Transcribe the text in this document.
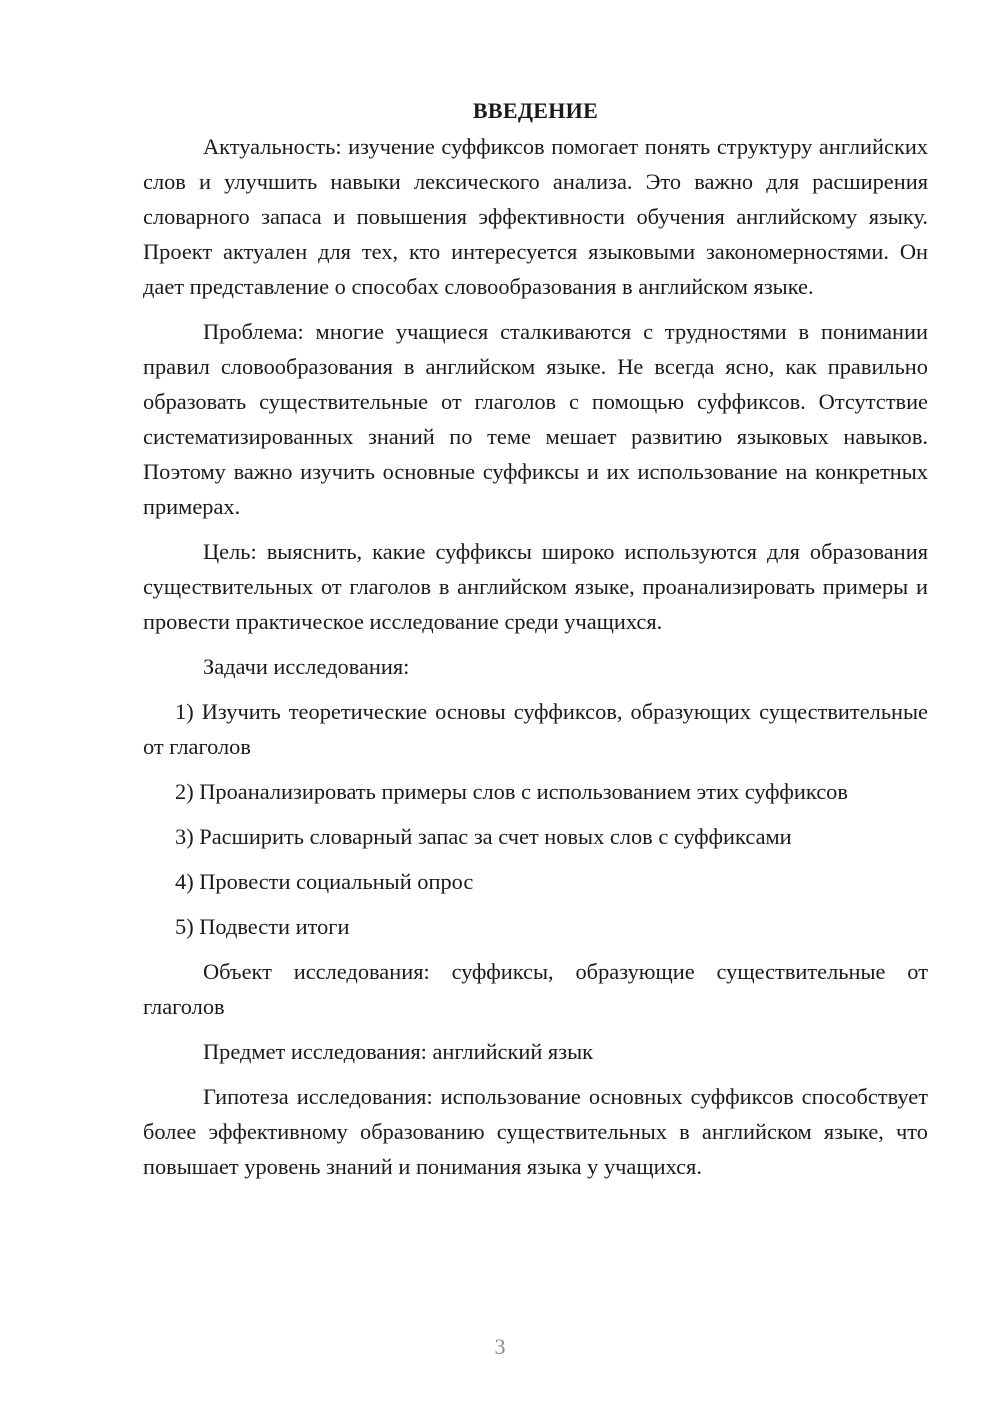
ВВЕДЕНИЕ

Актуальность: изучение суффиксов помогает понять структуру английских слов и улучшить навыки лексического анализа. Это важно для расширения словарного запаса и повышения эффективности обучения английскому языку. Проект актуален для тех, кто интересуется языковыми закономерностями. Он дает представление о способах словообразования в английском языке.

Проблема: многие учащиеся сталкиваются с трудностями в понимании правил словообразования в английском языке. Не всегда ясно, как правильно образовать существительные от глаголов с помощью суффиксов. Отсутствие систематизированных знаний по теме мешает развитию языковых навыков. Поэтому важно изучить основные суффиксы и их использование на конкретных примерах.

Цель: выяснить, какие суффиксы широко используются для образования существительных от глаголов в английском языке, проанализировать примеры и провести практическое исследование среди учащихся.

Задачи исследования:

1) Изучить теоретические основы суффиксов, образующих существительные от глаголов

2) Проанализировать примеры слов с использованием этих суффиксов

3) Расширить словарный запас за счет новых слов с суффиксами

4) Провести социальный опрос

5) Подвести итоги

Объект исследования: суффиксы, образующие существительные от глаголов

Предмет исследования: английский язык

Гипотеза исследования: использование основных суффиксов способствует более эффективному образованию существительных в английском языке, что повышает уровень знаний и понимания языка у учащихся.

3
